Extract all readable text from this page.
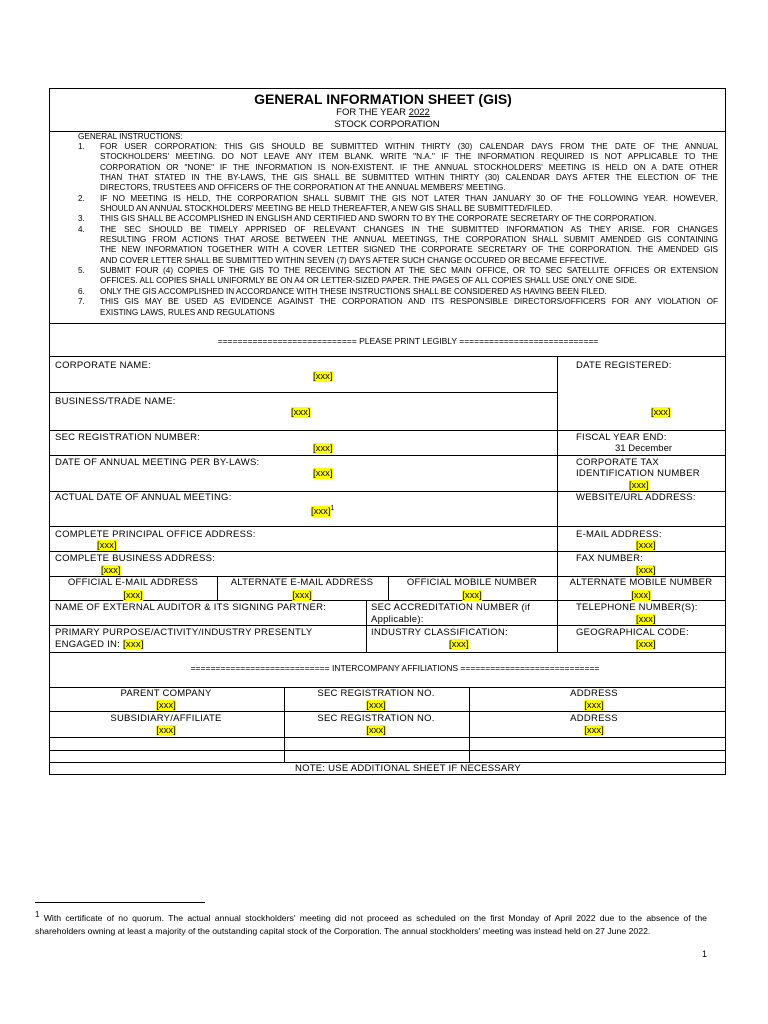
GENERAL INFORMATION SHEET (GIS)
FOR THE YEAR 2022
STOCK CORPORATION
GENERAL INSTRUCTIONS:
1. FOR USER CORPORATION: THIS GIS SHOULD BE SUBMITTED WITHIN THIRTY (30) CALENDAR DAYS FROM THE DATE OF THE ANNUAL
STOCKHOLDERS' MEETING. DO NOT LEAVE ANY ITEM BLANK. WRITE "N.A." IF THE INFORMATION REQUIRED IS NOT APPLICABLE TO THE
CORPORATION OR "NONE" IF THE INFORMATION IS NON-EXISTENT. IF THE ANNUAL STOCKHOLDERS' MEETING IS HELD ON A DATE OTHER
THAN THAT STATED IN THE BY-LAWS, THE GIS SHALL BE SUBMITTED WITHIN THIRTY (30) CALENDAR DAYS AFTER THE ELECTION OF THE
DIRECTORS, TRUSTEES AND OFFICERS OF THE CORPORATION AT THE ANNUAL MEMBERS' MEETING.
2. IF NO MEETING IS HELD, THE CORPORATION SHALL SUBMIT THE GIS NOT LATER THAN JANUARY 30 OF THE FOLLOWING YEAR. HOWEVER,
SHOULD AN ANNUAL STOCKHOLDERS' MEETING BE HELD THEREAFTER, A NEW GIS SHALL BE SUBMITTED/FILED.
3. THIS GIS SHALL BE ACCOMPLISHED IN ENGLISH AND CERTIFIED AND SWORN TO BY THE CORPORATE SECRETARY OF THE CORPORATION.
4. THE SEC SHOULD BE TIMELY APPRISED OF RELEVANT CHANGES IN THE SUBMITTED INFORMATION AS THEY ARISE. FOR CHANGES
RESULTING FROM ACTIONS THAT AROSE BETWEEN THE ANNUAL MEETINGS, THE CORPORATION SHALL SUBMIT AMENDED GIS CONTAINING
THE NEW INFORMATION TOGETHER WITH A COVER LETTER SIGNED THE CORPORATE SECRETARY OF THE CORPORATION. THE AMENDED GIS
AND COVER LETTER SHALL BE SUBMITTED WITHIN SEVEN (7) DAYS AFTER SUCH CHANGE OCCURED OR BECAME EFFECTIVE.
5. SUBMIT FOUR (4) COPIES OF THE GIS TO THE RECEIVING SECTION AT THE SEC MAIN OFFICE, OR TO SEC SATELLITE OFFICES OR EXTENSION
OFFICES. ALL COPIES SHALL UNIFORMLY BE ON A4 OR LETTER-SIZED PAPER. THE PAGES OF ALL COPIES SHALL USE ONLY ONE SIDE.
6. ONLY THE GIS ACCOMPLISHED IN ACCORDANCE WITH THESE INSTRUCTIONS SHALL BE CONSIDERED AS HAVING BEEN FILED.
7. THIS GIS MAY BE USED AS EVIDENCE AGAINST THE CORPORATION AND ITS RESPONSIBLE DIRECTORS/OFFICERS FOR ANY VIOLATION OF
EXISTING LAWS, RULES AND REGULATIONS
============================ PLEASE PRINT LEGIBLY ============================
CORPORATE NAME:
[xxx]
DATE REGISTERED:
[xxx]
BUSINESS/TRADE NAME:
[xxx]
SEC REGISTRATION NUMBER:
[xxx]
FISCAL YEAR END:
31 December
DATE OF ANNUAL MEETING PER BY-LAWS:
[xxx]
CORPORATE TAX
IDENTIFICATION NUMBER
[xxx]
ACTUAL DATE OF ANNUAL MEETING:
[xxx]$^1$
WEBSITE/URL ADDRESS:
COMPLETE PRINCIPAL OFFICE ADDRESS:
[xxx]
E-MAIL ADDRESS:
[xxx]
COMPLETE BUSINESS ADDRESS:
[xxx]
FAX NUMBER:
[xxx]
OFFICIAL E-MAIL ADDRESS
[xxx]
ALTERNATE E-MAIL ADDRESS
[xxx]
OFFICIAL MOBILE NUMBER
[xxx]
ALTERNATE MOBILE NUMBER
[xxx]
NAME OF EXTERNAL AUDITOR & ITS SIGNING PARTNER:	SEC ACCREDITATION NUMBER (if
Applicable):
TELEPHONE NUMBER(S):
[xxx]
PRIMARY PURPOSE/ACTIVITY/INDUSTRY PRESENTLY
ENGAGED IN: [xxx]
INDUSTRY CLASSIFICATION:
[xxx]
GEOGRAPHICAL CODE:
[xxx]
============================ INTERCOMPANY AFFILIATIONS ============================
PARENT COMPANY	SEC REGISTRATION NO.	ADDRESS
[xxx]	[xxx]	[xxx]
SUBSIDIARY/AFFILIATE	SEC REGISTRATION NO.	ADDRESS
[xxx]	[xxx]	[xxx]
NOTE: USE ADDITIONAL SHEET IF NECESSARY
$^1$ With certificate of no quorum. The actual annual stockholders' meeting did not proceed as scheduled on the first Monday of April 2022 due to the absence of the shareholders owning at least a majority of the outstanding capital stock of the Corporation. The annual stockholders' meeting was instead held on 27 June 2022.
1
